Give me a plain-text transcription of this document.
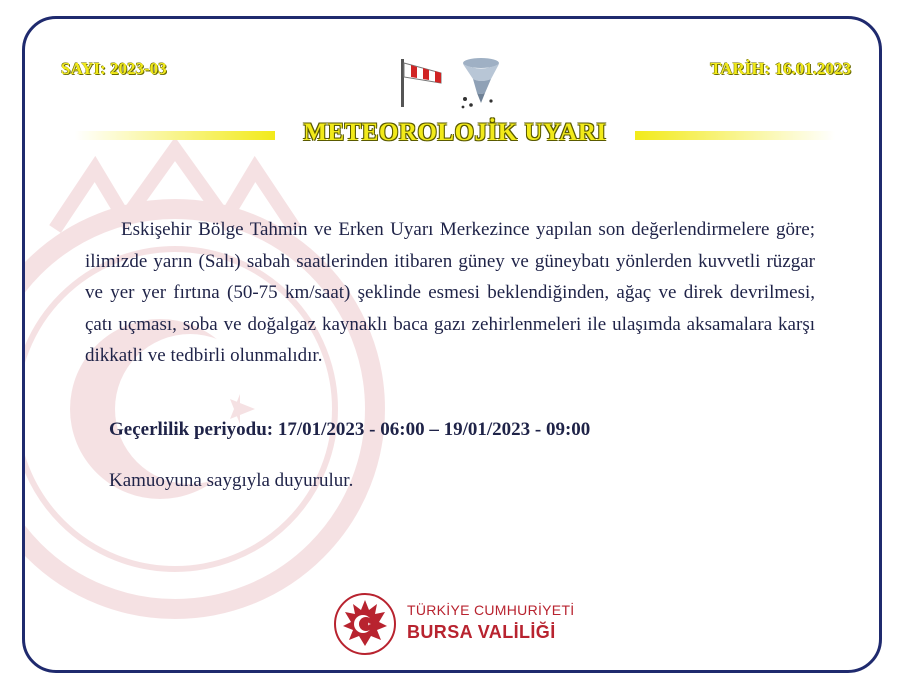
SAYI: 2023-03	TARİH: 16.01.2023
METEOROLOJİK UYARI
Eskişehir Bölge Tahmin ve Erken Uyarı Merkezince yapılan son değerlendirmelere göre; ilimizde yarın (Salı) sabah saatlerinden itibaren güney ve güneybatı yönlerden kuvvetli rüzgar ve yer yer fırtına (50-75 km/saat) şeklinde esmesi beklendiğinden, ağaç ve direk devrilmesi, çatı uçması, soba ve doğalgaz kaynaklı baca gazı zehirlenmeleri ile ulaşımda aksamalara karşı dikkatli ve tedbirli olunmalıdır.
Geçerlilik periyodu: 17/01/2023 - 06:00 – 19/01/2023 - 09:00
Kamuoyuna saygıyla duyurulur.
TÜRKİYE CUMHURİYETİ
BURSA VALİLİĞİ
